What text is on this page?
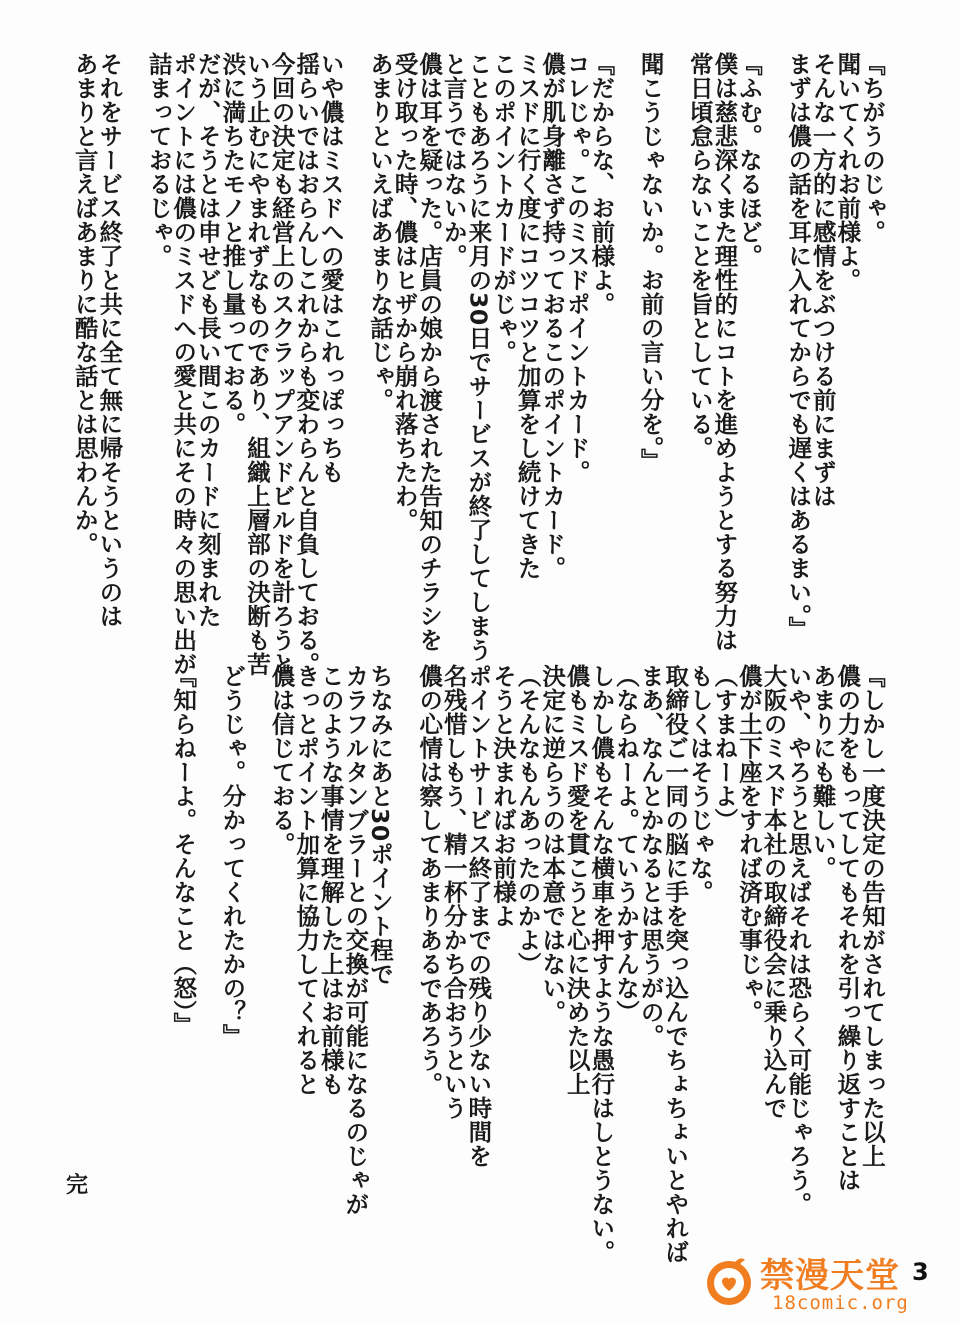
『ちがうのじゃ。
聞いてくれお前様よ。
そんな一方的に感情をぶつける前にまずは
まずは儂の話を耳に入れてからでも遅くはあるまい。』
『ふむ。なるほど。
僕は慈悲深くまた理性的にコトを進めようとする努力は
常日頃怠らないことを旨としている。
聞こうじゃないか。お前の言い分を。』
『だからな、お前様よ。
コレじゃ。このミスドポイントカード。
儂が肌身離さず持っておるこのポイントカード。
ミスドに行く度にコツコツと加算をし続けてきた
このポイントカードがじゃ。
こともあろうに来月の30日でサービスが終了してしまう
と言うではないか。
儂は耳を疑った。店員の娘から渡された告知のチラシを
受け取った時、儂はヒザから崩れ落ちたわ。
あまりといえばあまりな話じゃ。
いや儂はミスドへの愛はこれっぽっちも
揺らいではおらんしこれからも変わらんと自負しておる。
今回の決定も経営上のスクラップアンドビルドを計ろうと
いう止むにやまれずなものであり、組織上層部の決断も苦
渋に満ちたモノと推し量っておる。
だが、そうとは申せども長い間このカードに刻まれた
ポイントには儂のミスドへの愛と共にその時々の思い出が
詰まっておるじゃ。
それをサービス終了と共に全て無に帰そうというのは
あまりと言えばあまりに酷な話とは思わんか。
『しかし一度決定の告知がされてしまった以上
儂の力をもってしてもそれを引っ繰り返すことは
あまりにも難しい。
いや、やろうと思えばそれは恐らく可能じゃろう。
大阪のミスド本社の取締役会に乗り込んで
儂が土下座をすれば済む事じゃ。
（すまねーよ）
もしくはそうじゃな。
取締役ご一同の脳に手を突っ込んでちょちょいとやれば
まあ、なんとかなるとは思うがの。
（ならねーよ。ていうかすんな）
しかし儂もそんな横車を押すような愚行はしとうない。
儂もミスド愛を貫こうと心に決めた以上
決定に逆らうのは本意ではない。
（そんなもんあったのかよ）
そうと決まればお前様よ
ポイントサービス終了までの残り少ない時間を
名残惜しもう、精一杯分かち合おうという
儂の心情は察してあまりあるであろう。
ちなみにあと30ポイント程で
カラフルタンブラーとの交換が可能になるのじゃが
このような事情を理解した上はお前様も
きっとポイント加算に協力してくれると
儂は信じておる。
どうじゃ。分かってくれたかの？』
『知らねーよ。そんなこと（怒）』
完
禁漫天堂
18comic.org
3
